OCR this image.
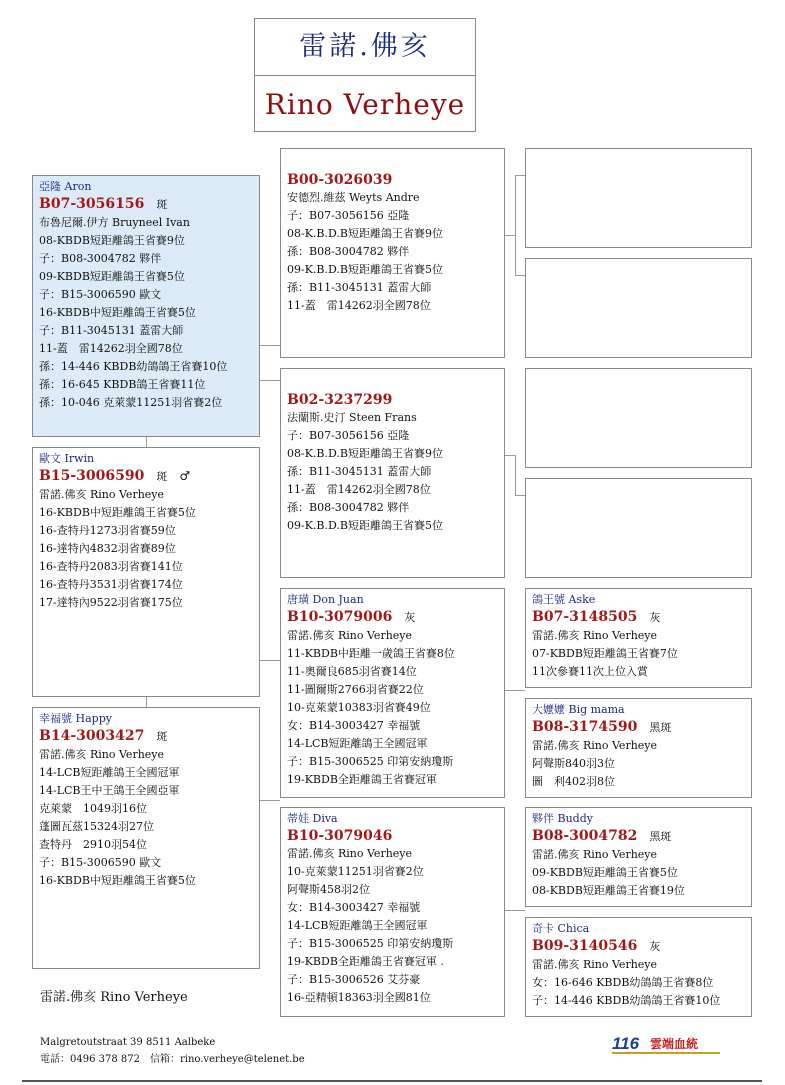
雷諾.佛亥
Rino Verheye
亞隆 Aron
B07-3056156 斑
布魯尼爾.伊方 Bruyneel Ivan
08-KBDB短距離鴿王省賽9位
子：B08-3004782 夥伴
09-KBDB短距離鴿王省賽5位
子：B15-3006590 歐文
16-KBDB中短距離鴿王省賽5位
子：B11-3045131 蓋雷大師
11-蓋　雷14262羽全國78位
孫：14-446 KBDB幼鴿鴿王省賽10位
孫：16-645 KBDB鴿王省賽11位
孫：10-046 克萊蒙11251羽省賽2位
歐文 Irwin
B15-3006590 斑 ♂
雷諾.佛亥 Rino Verheye
16-KBDB中短距離鴿王省賽5位
16-查特丹1273羽省賽59位
16-達特內4832羽省賽89位
16-查特丹2083羽省賽141位
16-查特丹3531羽省賽174位
17-達特內9522羽省賽175位
幸福號 Happy
B14-3003427 斑
雷諾.佛亥 Rino Verheye
14-LCB短距離鴿王全國冠軍
14-LCB王中王鴿王全國亞軍
克萊蒙　1049羽16位
蓬圖瓦茲15324羽27位
查特丹　2910羽54位
子：B15-3006590 歐文
16-KBDB中短距離鴿王省賽5位
B00-3026039
安德烈.維茲 Weyts Andre
子：B07-3056156 亞隆
08-K.B.D.B短距離鴿王省賽9位
孫：B08-3004782 夥伴
09-K.B.D.B短距離鴿王省賽5位
孫：B11-3045131 蓋雷大師
11-蓋　雷14262羽全國78位
B02-3237299
法蘭斯.史汀 Steen Frans
子：B07-3056156 亞隆
08-K.B.D.B短距離鴿王省賽9位
孫：B11-3045131 蓋雷大師
11-蓋　雷14262羽全國78位
孫：B08-3004782 夥伴
09-K.B.D.B短距離鴿王省賽5位
唐璜 Don Juan
B10-3079006 灰
雷諾.佛亥 Rino Verheye
11-KBDB中距離一歲鴿王省賽8位
11-奧爾良685羽省賽14位
11-圖爾斯2766羽省賽22位
10-克萊蒙10383羽省賽49位
女：B14-3003427 幸福號
14-LCB短距離鴿王全國冠軍
子：B15-3006525 印第安納瓊斯
19-KBDB全距離鴿王省賽冠軍
蒂娃 Diva
B10-3079046
雷諾.佛亥 Rino Verheye
10-克萊蒙11251羽省賽2位
阿聲斯458羽2位
女：B14-3003427 幸福號
14-LCB短距離鴿王全國冠軍
子：B15-3006525 印第安納瓊斯
19-KBDB全距離鴿王省賽冠軍 .
子：B15-3006526 艾芬豪
16-亞精頓18363羽全國81位
鴿王號 Aske
B07-3148505 灰
雷諾.佛亥 Rino Verheye
07-KBDB短距離鴿王省賽7位
11次參賽11次上位入賞
大嬤嬤 Big mama
B08-3174590 黑斑
雷諾.佛亥 Rino Verheye
阿聲斯840羽3位
圖　利402羽8位
夥伴 Buddy
B08-3004782 黑斑
雷諾.佛亥 Rino Verheye
09-KBDB短距離鴿王省賽5位
08-KBDB短距離鴿王省賽19位
奇卡 Chica
B09-3140546 灰
雷諾.佛亥 Rino Verheye
女：16-646 KBDB幼鴿鴿王省賽8位
子：14-446 KBDB幼鴿鴿王省賽10位
雷諾.佛亥 Rino Verheye
Malgretoutstraat 39 8511 Aalbeke
電話：0496 378 872　信箱：rino.verheye@telenet.be
116 雲端血統
